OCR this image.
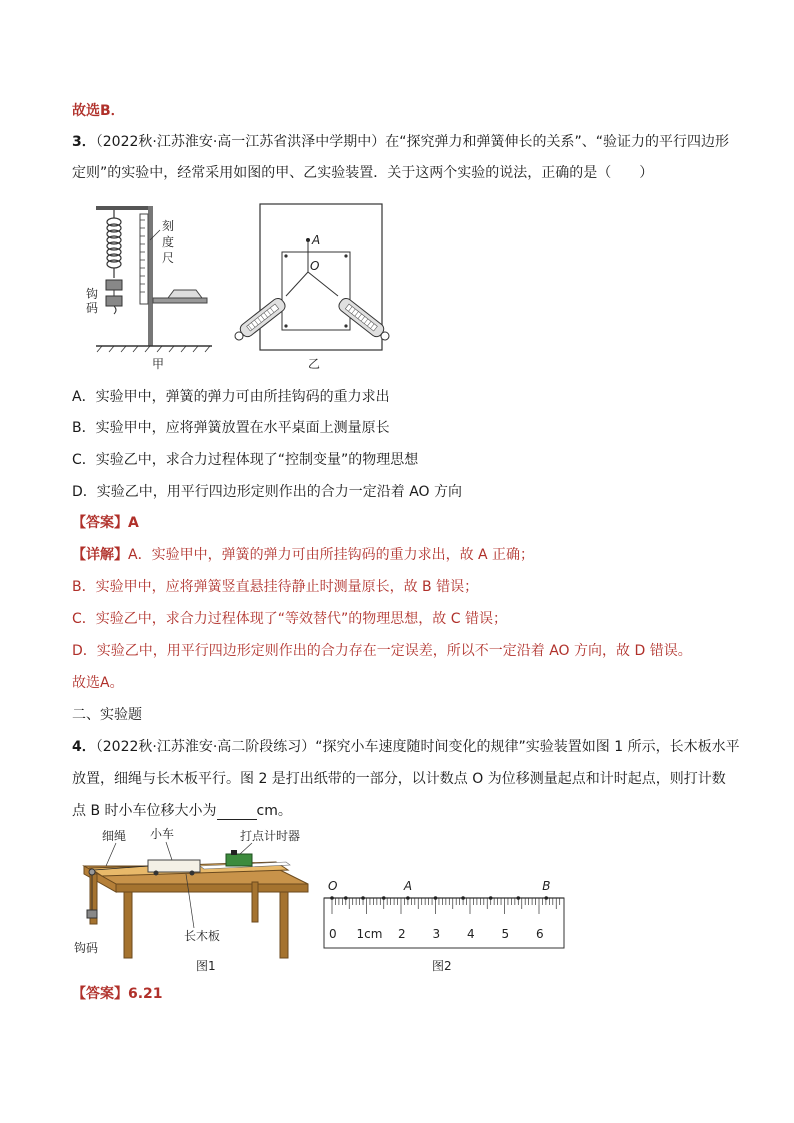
故选B．
3．（2022秋·江苏淮安·高一江苏省洪泽中学期中）在“探究弹力和弹簧伸长的关系”、“验证力的平行四边形
定则”的实验中，经常采用如图的甲、乙实验装置．关于这两个实验的说法，正确的是（　　）
刻
度
尺
钩
码
甲
A
O
乙
A．实验甲中，弹簧的弹力可由所挂钩码的重力求出
B．实验甲中，应将弹簧放置在水平桌面上测量原长
C．实验乙中，求合力过程体现了“控制变量”的物理思想
D．实验乙中，用平行四边形定则作出的合力一定沿着 AO 方向
【答案】A
【详解】A．实验甲中，弹簧的弹力可由所挂钩码的重力求出，故 A 正确；
B．实验甲中，应将弹簧竖直悬挂待静止时测量原长，故 B 错误；
C．实验乙中，求合力过程体现了“等效替代”的物理思想，故 C 错误；
D．实验乙中，用平行四边形定则作出的合力存在一定误差，所以不一定沿着 AO 方向，故 D 错误。
故选A。
二、实验题
4．（2022秋·江苏淮安·高二阶段练习）“探究小车速度随时间变化的规律”实验装置如图 1 所示，长木板水平
放置，细绳与长木板平行。图 2 是打出纸带的一部分，以计数点 O 为位移测量起点和计时起点，则打计数
点 B 时小车位移大小为	cm。
细绳 小车	打点计时器
长木板
钩码
图1
O	A	B
0 1cm 2 3 4 5 6
图2
【答案】6.21
